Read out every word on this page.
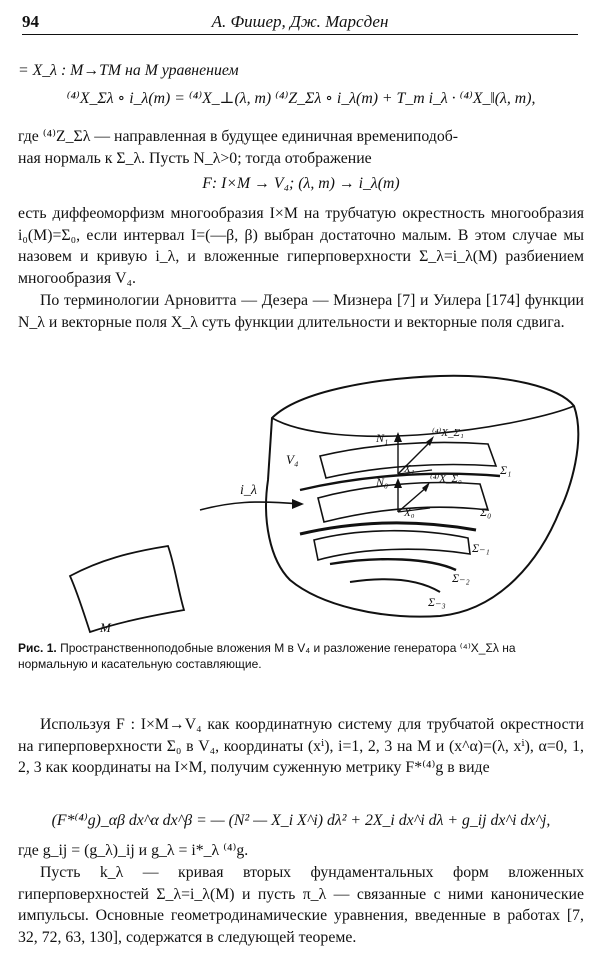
94	А. Фишер, Дж. Марсден
= X_λ : M→TM на M уравнением
⁽⁴⁾X_Σλ ∘ i_λ(m) = ⁽⁴⁾X_⊥(λ, m) ⁽⁴⁾Z_Σλ ∘ i_λ(m) + T_m i_λ · ⁽⁴⁾X_‖(λ, m),

где ⁽⁴⁾Z_Σλ — направленная в будущее единичная времениподоб-

ная нормаль к Σ_λ. Пусть N_λ>0; тогда отображение

F: I×M → V₄; (λ, m) → i_λ(m)

есть диффеоморфизм многообразия I×M на трубчатую окрестность многообразия i₀(M)=Σ₀, если интервал I=(—β, β) выбран достаточно малым. В этом случае мы назовем и кривую i_λ, и вложенные гиперповерхности Σ_λ=i_λ(M) разбиением многообразия V₄.

По терминологии Арновитта — Дезера — Мизнера [7] и Уилера [174] функции N_λ и векторные поля X_λ суть функции длительности и векторные поля сдвига.

V₄
N₁	⁽⁴⁾X_Σ₁
X₁	Σ₁
N₀	⁽⁴⁾X_Σ₀
X₀	Σ₀
Σ₋₁
Σ₋₂
Σ₋₃
i_λ
M
Рис. 1. Пространственноподобные вложения M в V₄ и разложение генератора ⁽⁴⁾X_Σλ на нормальную и касательную составляющие.

Используя F : I×M→V₄ как координатную систему для трубчатой окрестности на гиперповерхности Σ₀ в V₄, координаты (xⁱ), i=1, 2, 3 на M и (x^α)=(λ, xⁱ), α=0, 1, 2, 3 как координаты на I×M, получим суженную метрику F*⁽⁴⁾g в виде

(F*⁽⁴⁾g)_αβ dx^α dx^β = — (N² — X_i X^i) dλ² + 2X_i dx^i dλ + g_ij dx^i dx^j,

где g_ij = (g_λ)_ij и g_λ = i*_λ ⁽⁴⁾g.

Пусть k_λ — кривая вторых фундаментальных форм вложенных гиперповерхностей Σ_λ=i_λ(M) и пусть π_λ — связанные с ними канонические импульсы. Основные геометродинамические уравнения, введенные в работах [7, 32, 72, 63, 130], содержатся в следующей теореме.
